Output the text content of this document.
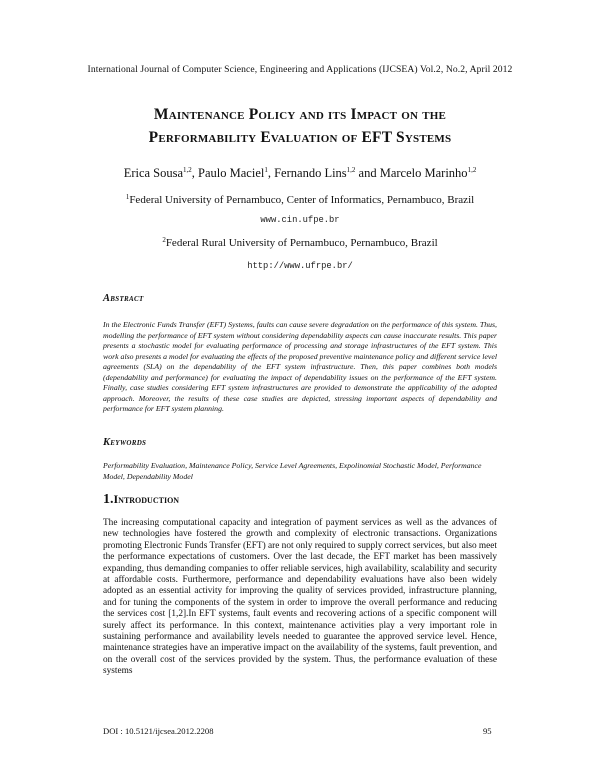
International Journal of Computer Science, Engineering and Applications (IJCSEA) Vol.2, No.2, April 2012
Maintenance Policy and its Impact on the
Performability Evaluation of EFT Systems
Erica Sousa$^{1,2}$, Paulo Maciel$^1$, Fernando Lins$^{1,2}$ and Marcelo Marinho$^{1,2}$
$^1$Federal University of Pernambuco, Center of Informatics, Pernambuco, Brazil
www.cin.ufpe.br
$^2$Federal Rural University of Pernambuco, Pernambuco, Brazil
http://www.ufrpe.br/
Abstract
In the Electronic Funds Transfer (EFT) Systems, faults can cause severe degradation on the performance of this system. Thus, modelling the performance of EFT system without considering dependability aspects can cause inaccurate results. This paper presents a stochastic model for evaluating performance of processing and storage infrastructures of the EFT system. This work also presents a model for evaluating the effects of the proposed preventive maintenance policy and different service level agreements (SLA) on the dependability of the EFT system infrastructure. Then, this paper combines both models (dependability and performance) for evaluating the impact of dependability issues on the performance of the EFT system. Finally, case studies considering EFT system infrastructures are provided to demonstrate the applicability of the adopted approach. Moreover, the results of these case studies are depicted, stressing important aspects of dependability and performance for EFT system planning.
Keywords
Performability Evaluation, Maintenance Policy, Service Level Agreements, Expolinomial Stochastic Model, Performance Model, Dependability Model
1.Introduction
The increasing computational capacity and integration of payment services as well as the advances of new technologies have fostered the growth and complexity of electronic transactions. Organizations promoting Electronic Funds Transfer (EFT) are not only required to supply correct services, but also meet the performance expectations of customers. Over the last decade, the EFT market has been massively expanding, thus demanding companies to offer reliable services, high availability, scalability and security at affordable costs. Furthermore, performance and dependability evaluations have also been widely adopted as an essential activity for improving the quality of services provided, infrastructure planning, and for tuning the components of the system in order to improve the overall performance and reducing the services cost [1,2].In EFT systems, fault events and recovering actions of a specific component will surely affect its performance. In this context, maintenance activities play a very important role in sustaining performance and availability levels needed to guarantee the approved service level. Hence, maintenance strategies have an imperative impact on the availability of the systems, fault prevention, and on the overall cost of the services provided by the system. Thus, the performance evaluation of these systems
DOI : 10.5121/ijcsea.2012.2208	95
